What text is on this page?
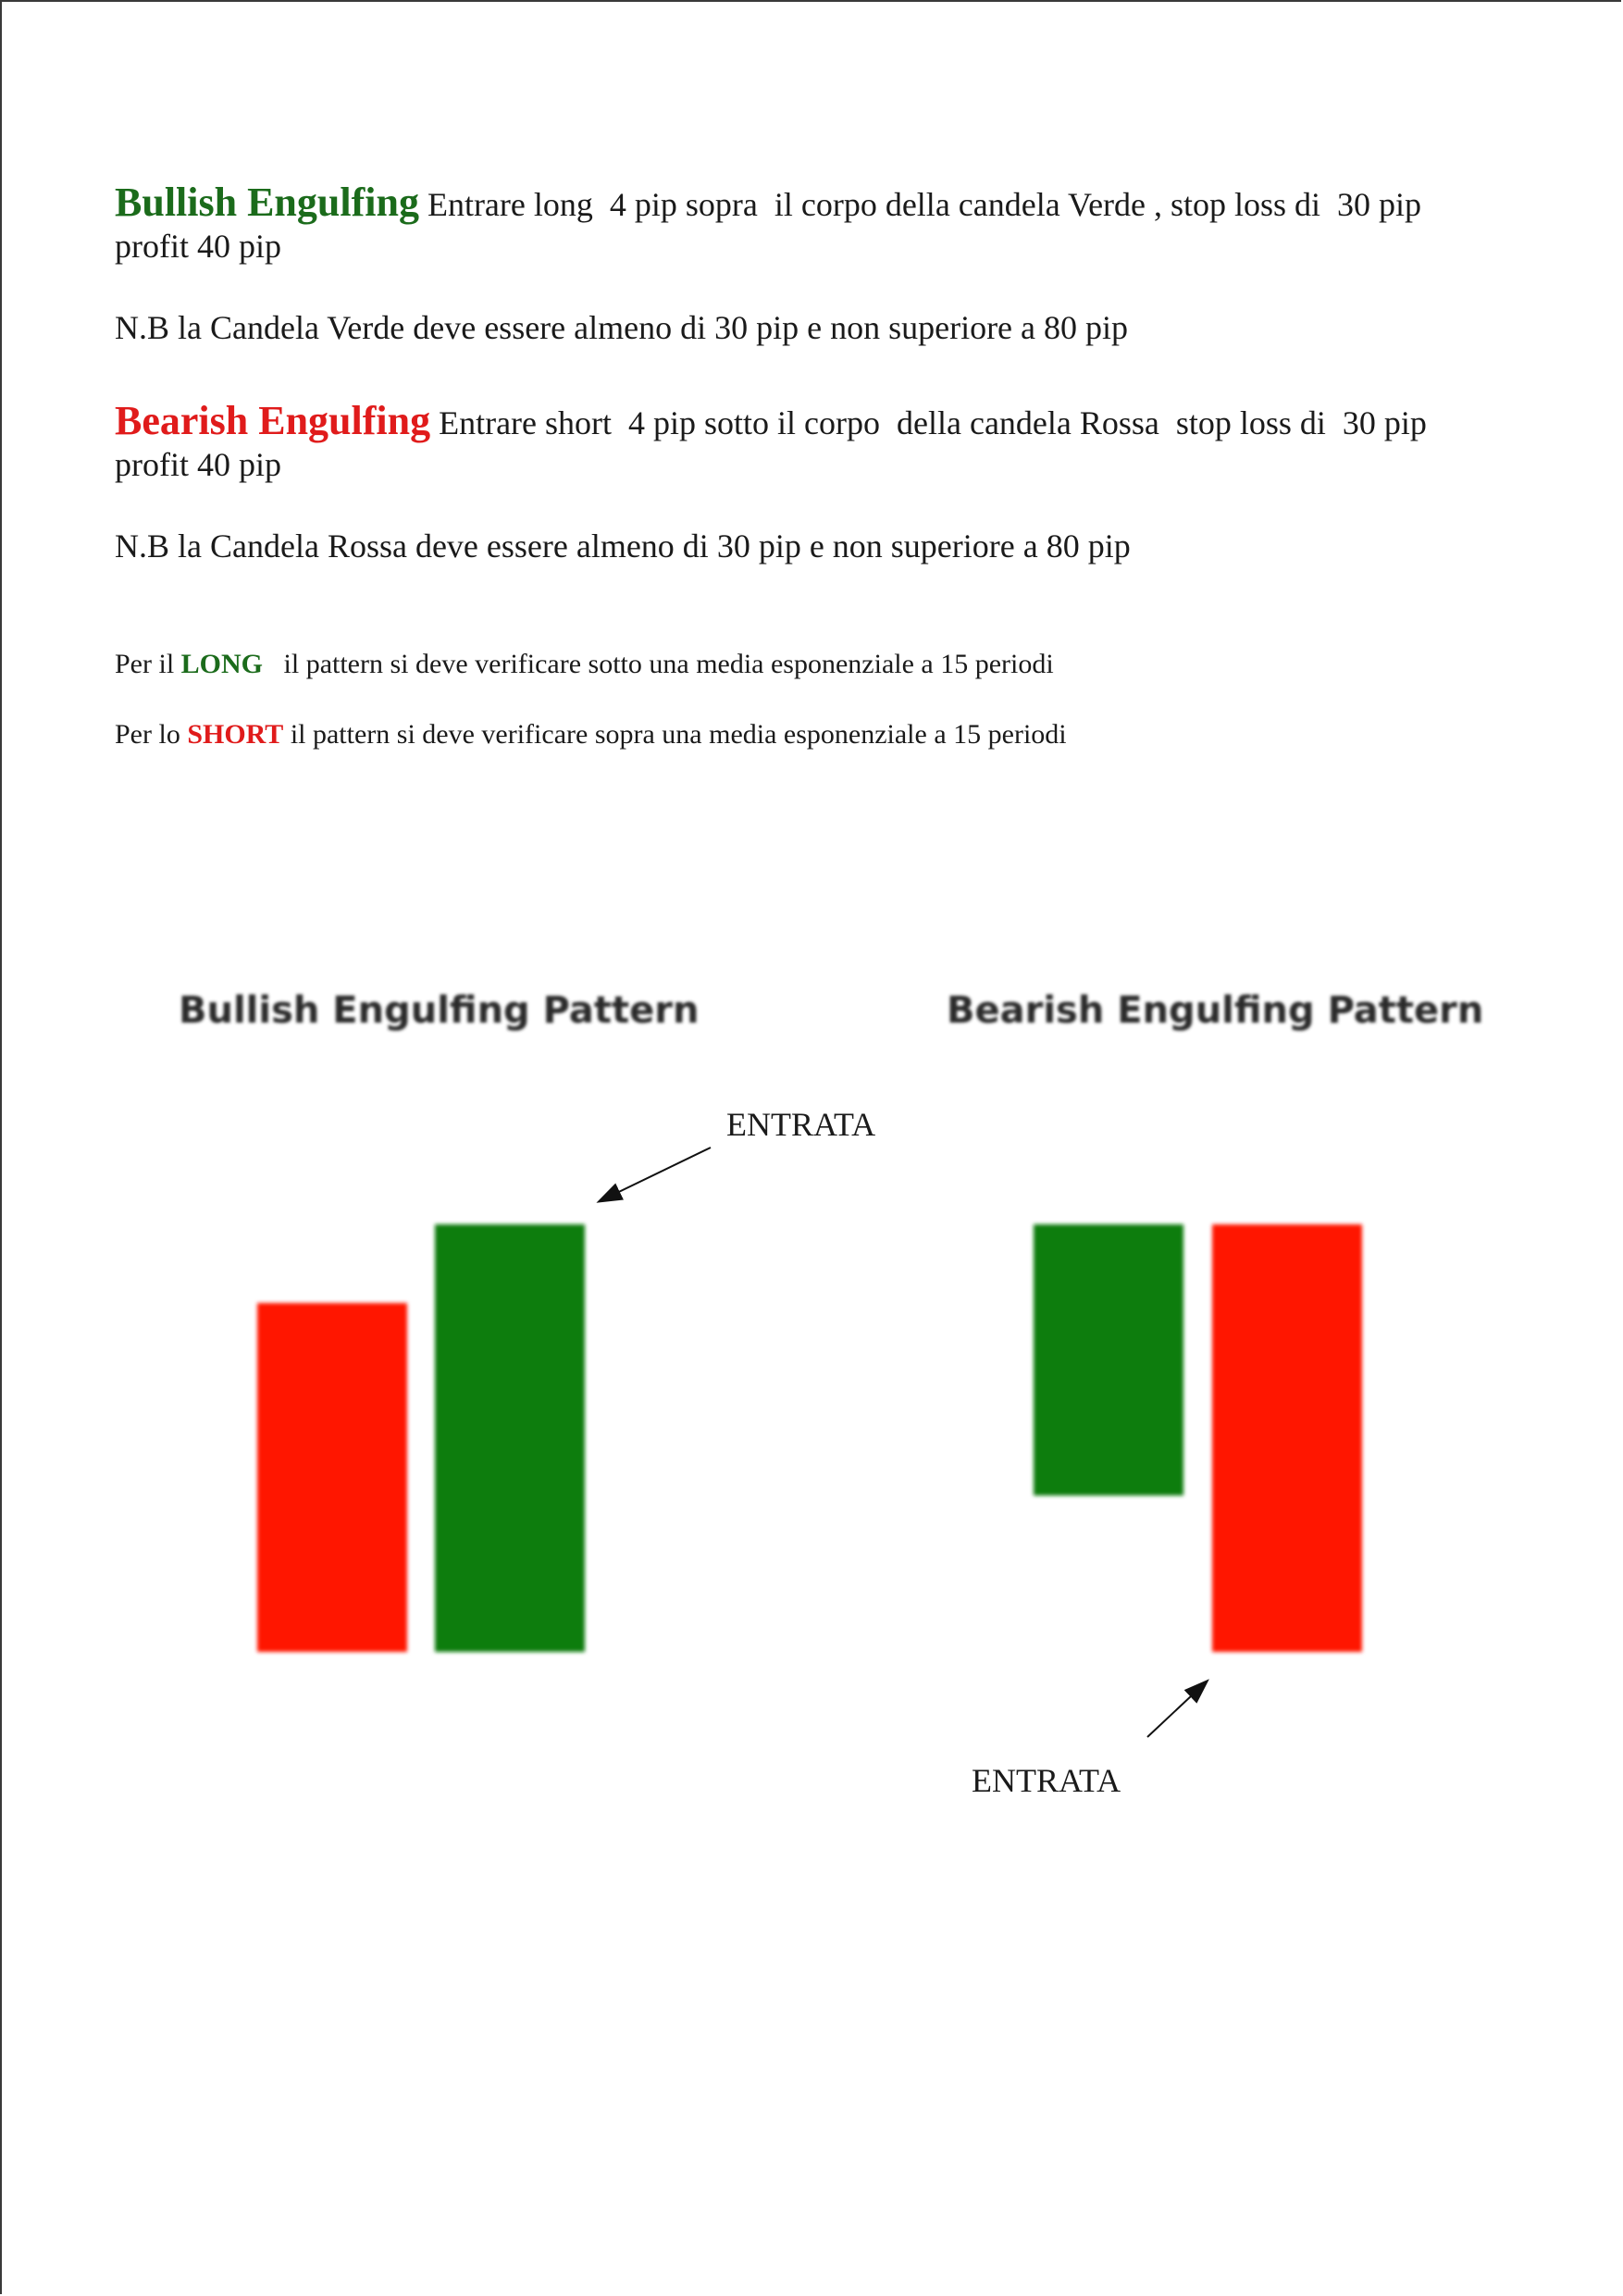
Bullish Engulfing Entrare long  4 pip sopra  il corpo della candela Verde , stop loss di  30 pip
profit 40 pip

N.B la Candela Verde deve essere almeno di 30 pip e non superiore a 80 pip

Bearish Engulfing Entrare short  4 pip sotto il corpo  della candela Rossa  stop loss di  30 pip
profit 40 pip

N.B la Candela Rossa deve essere almeno di 30 pip e non superiore a 80 pip

Per il LONG   il pattern si deve verificare sotto una media esponenziale a 15 periodi

Per lo SHORT il pattern si deve verificare sopra una media esponenziale a 15 periodi

Bullish Engulfing Pattern	Bearish Engulfing Pattern
ENTRATA
ENTRATA
